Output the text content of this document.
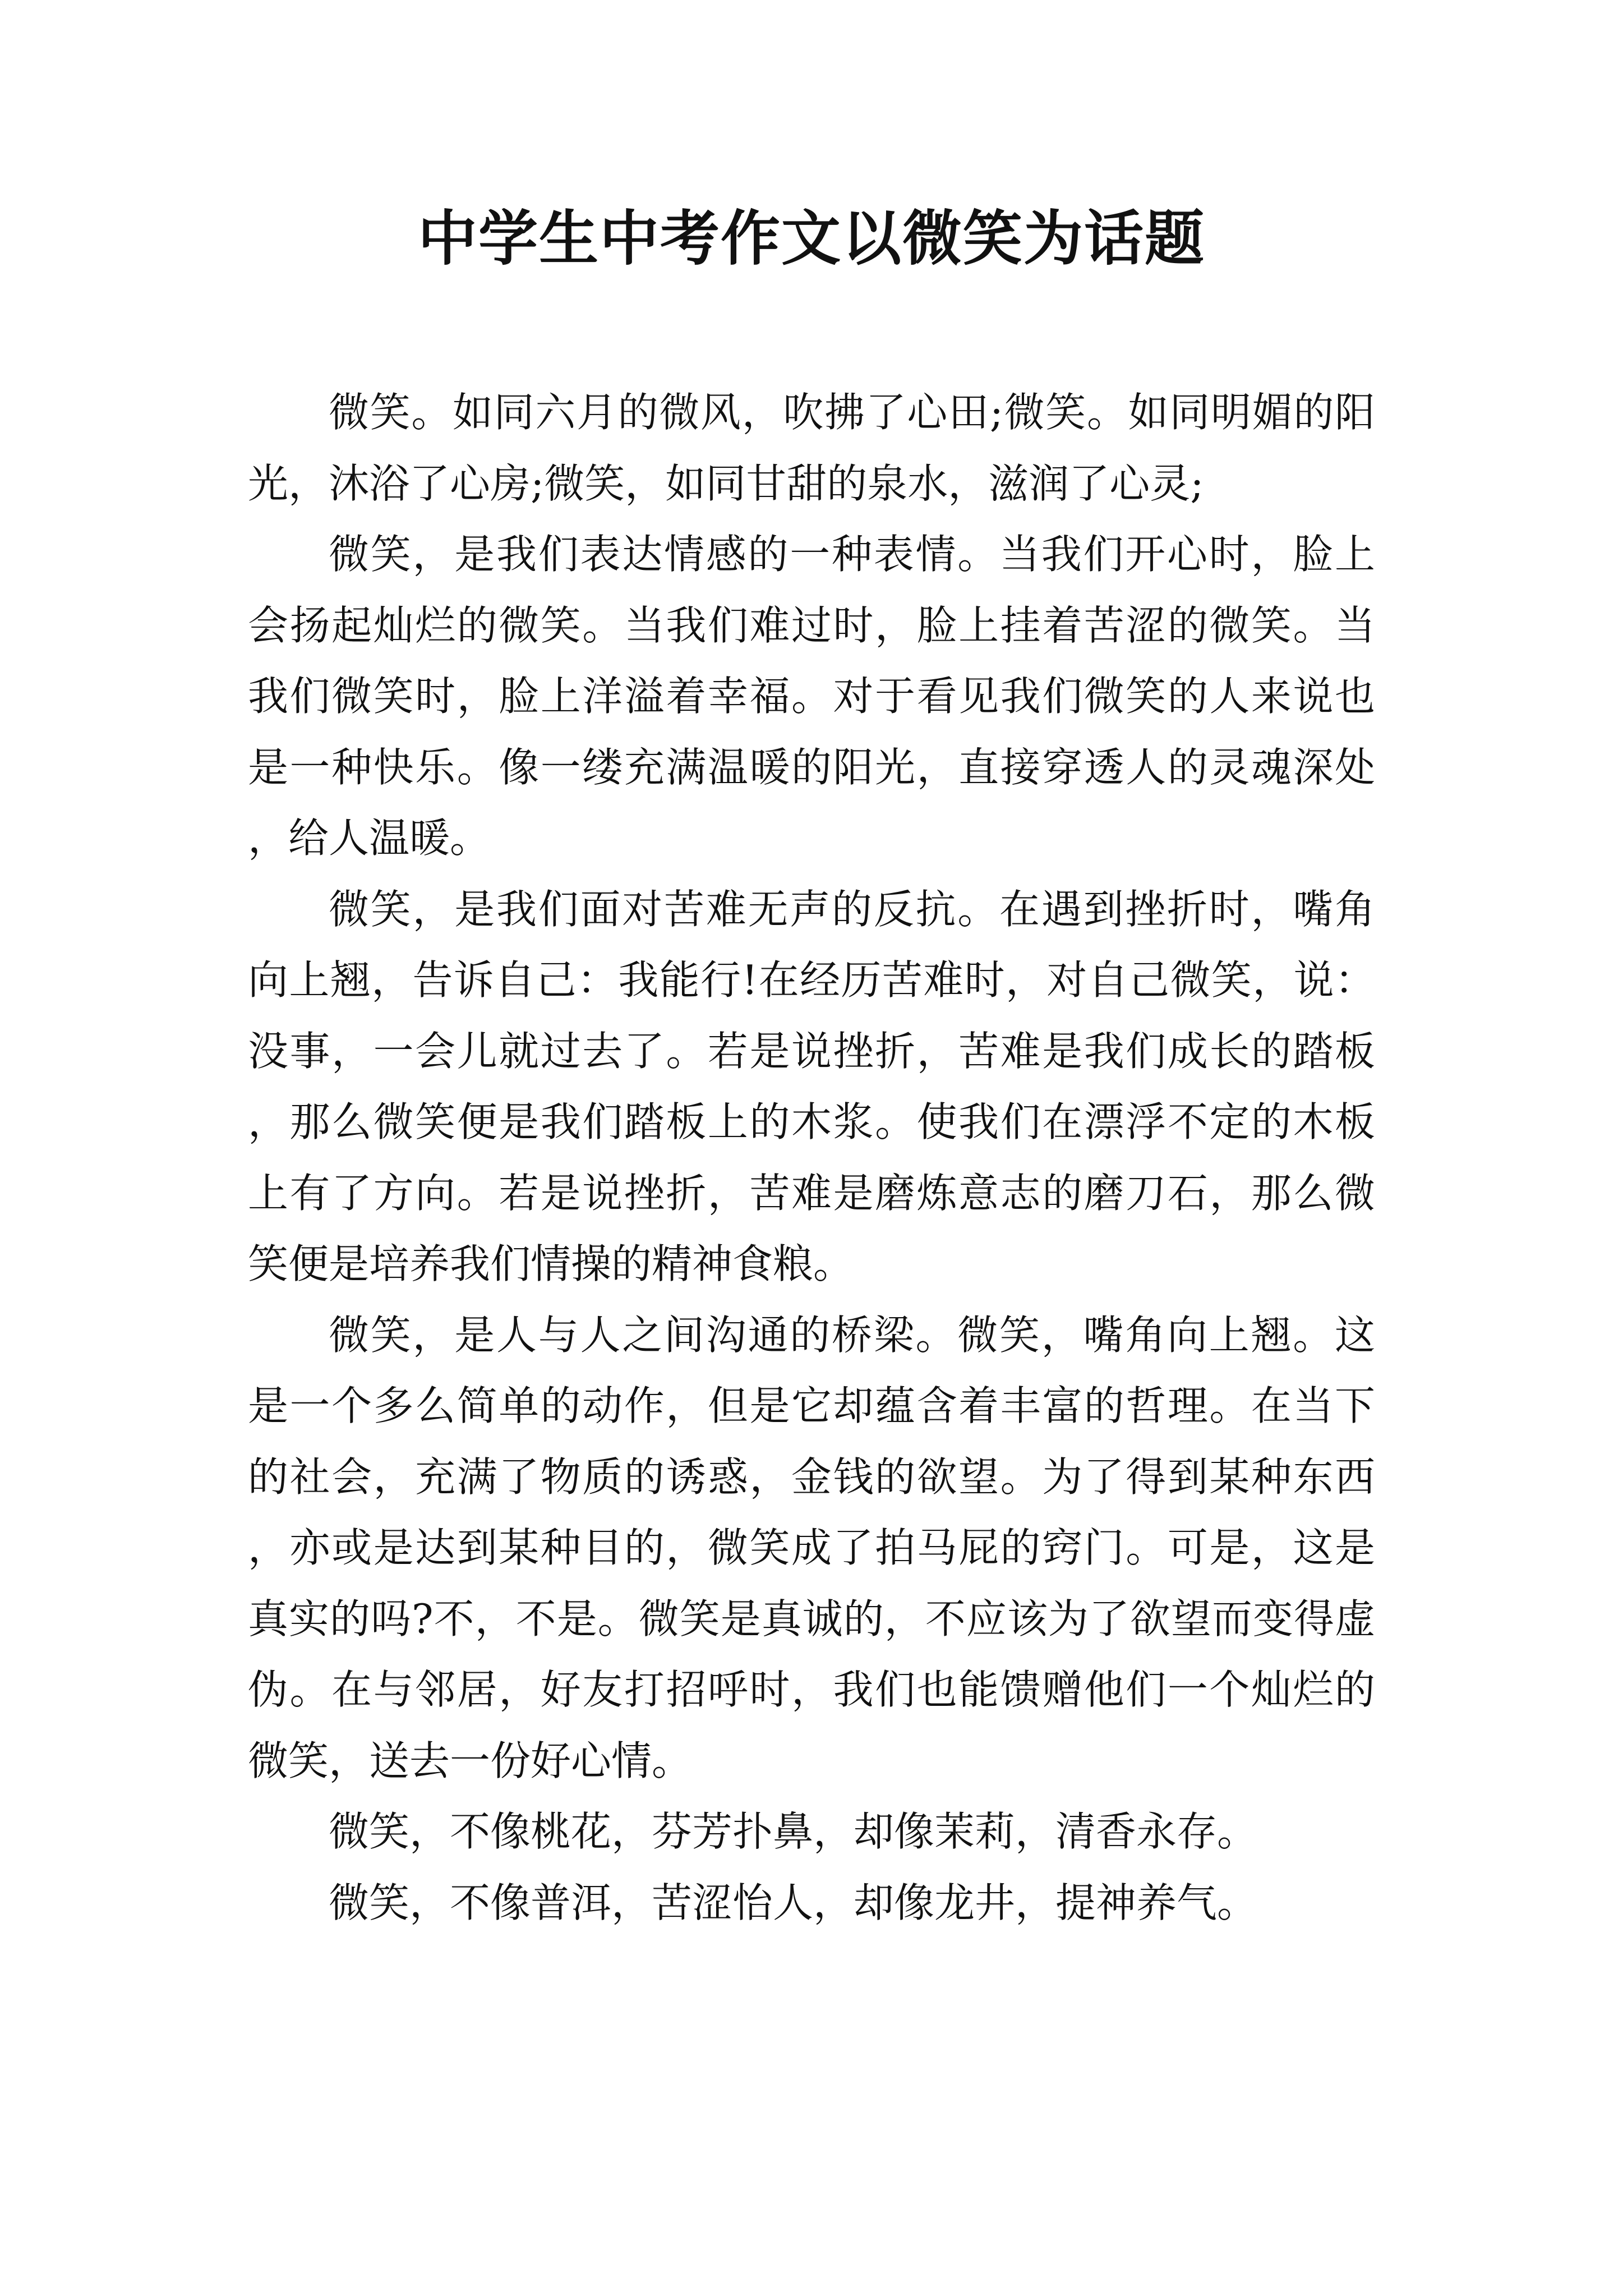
中学生中考作文以微笑为话题

微笑。如同六月的微风，吹拂了心田;微笑。如同明媚的阳光，沐浴了心房;微笑，如同甘甜的泉水，滋润了心灵;

微笑，是我们表达情感的一种表情。当我们开心时，脸上会扬起灿烂的微笑。当我们难过时，脸上挂着苦涩的微笑。当我们微笑时，脸上洋溢着幸福。对于看见我们微笑的人来说也是一种快乐。像一缕充满温暖的阳光，直接穿透人的灵魂深处，给人温暖。

微笑，是我们面对苦难无声的反抗。在遇到挫折时，嘴角向上翘，告诉自己：我能行!在经历苦难时，对自己微笑，说：没事，一会儿就过去了。若是说挫折，苦难是我们成长的踏板，那么微笑便是我们踏板上的木浆。使我们在漂浮不定的木板上有了方向。若是说挫折，苦难是磨炼意志的磨刀石，那么微笑便是培养我们情操的精神食粮。

微笑，是人与人之间沟通的桥梁。微笑，嘴角向上翘。这是一个多么简单的动作，但是它却蕴含着丰富的哲理。在当下的社会，充满了物质的诱惑，金钱的欲望。为了得到某种东西，亦或是达到某种目的，微笑成了拍马屁的窍门。可是，这是真实的吗?不，不是。微笑是真诚的，不应该为了欲望而变得虚伪。在与邻居，好友打招呼时，我们也能馈赠他们一个灿烂的微笑，送去一份好心情。

微笑，不像桃花，芬芳扑鼻，却像茉莉，清香永存。

微笑，不像普洱，苦涩怡人，却像龙井，提神养气。
